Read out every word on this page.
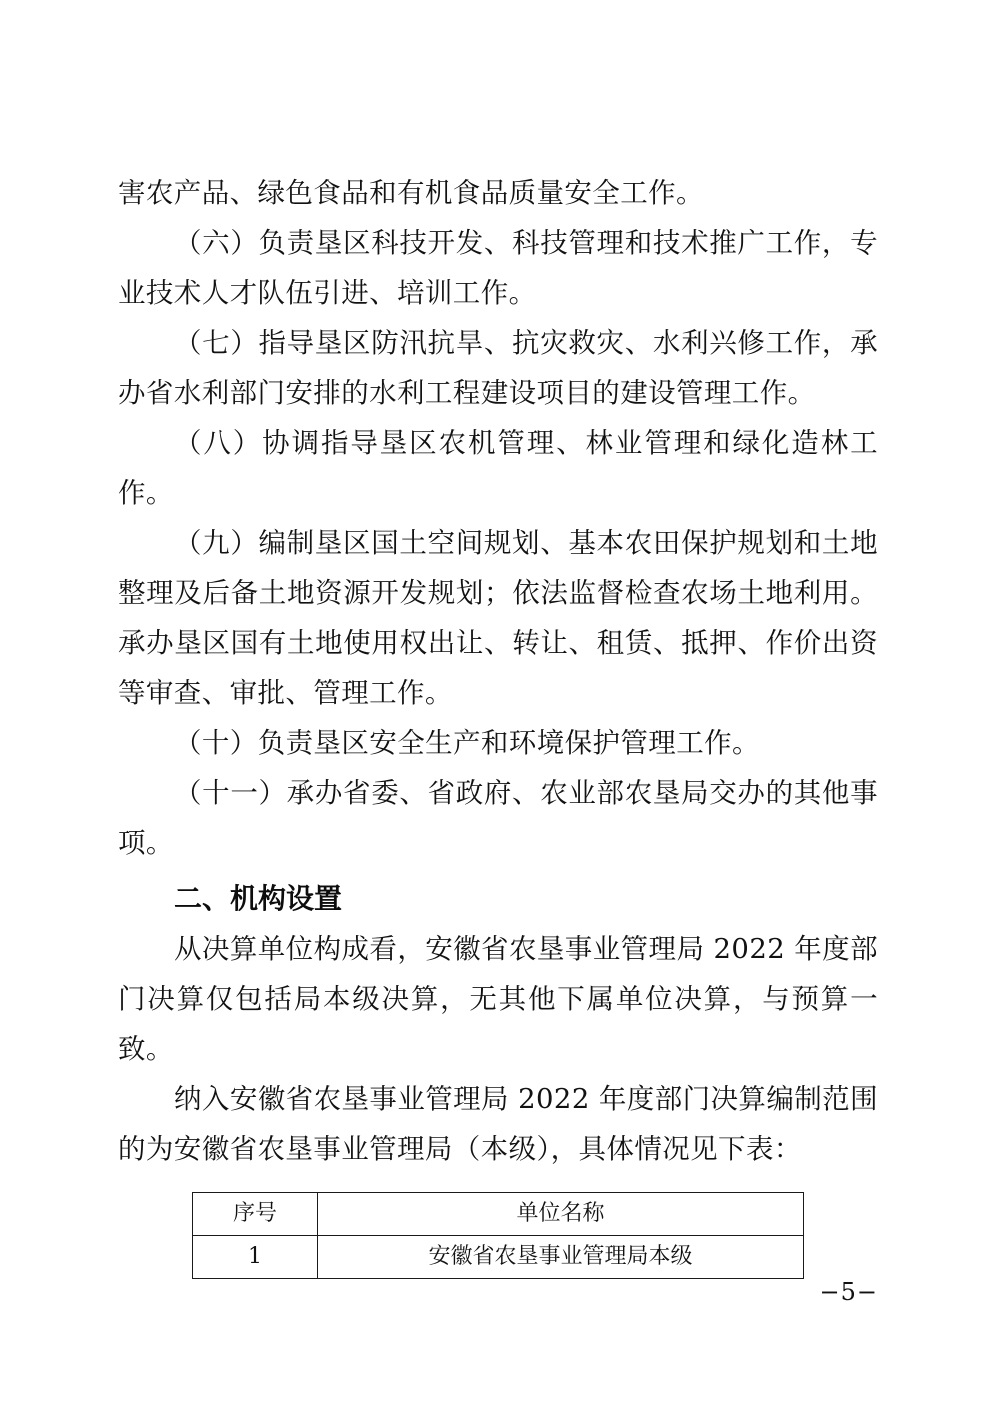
害农产品、绿色食品和有机食品质量安全工作。

（六）负责垦区科技开发、科技管理和技术推广工作，专业技术人才队伍引进、培训工作。

（七）指导垦区防汛抗旱、抗灾救灾、水利兴修工作，承办省水利部门安排的水利工程建设项目的建设管理工作。

（八）协调指导垦区农机管理、林业管理和绿化造林工作。

（九）编制垦区国土空间规划、基本农田保护规划和土地整理及后备土地资源开发规划；依法监督检查农场土地利用。承办垦区国有土地使用权出让、转让、租赁、抵押、作价出资等审查、审批、管理工作。

（十）负责垦区安全生产和环境保护管理工作。

（十一）承办省委、省政府、农业部农垦局交办的其他事项。

二、机构设置

从决算单位构成看，安徽省农垦事业管理局 2022 年度部门决算仅包括局本级决算，无其他下属单位决算，与预算一致。

纳入安徽省农垦事业管理局 2022 年度部门决算编制范围的为安徽省农垦事业管理局（本级），具体情况见下表：

序号	单位名称
1	安徽省农垦事业管理局本级
−5−
